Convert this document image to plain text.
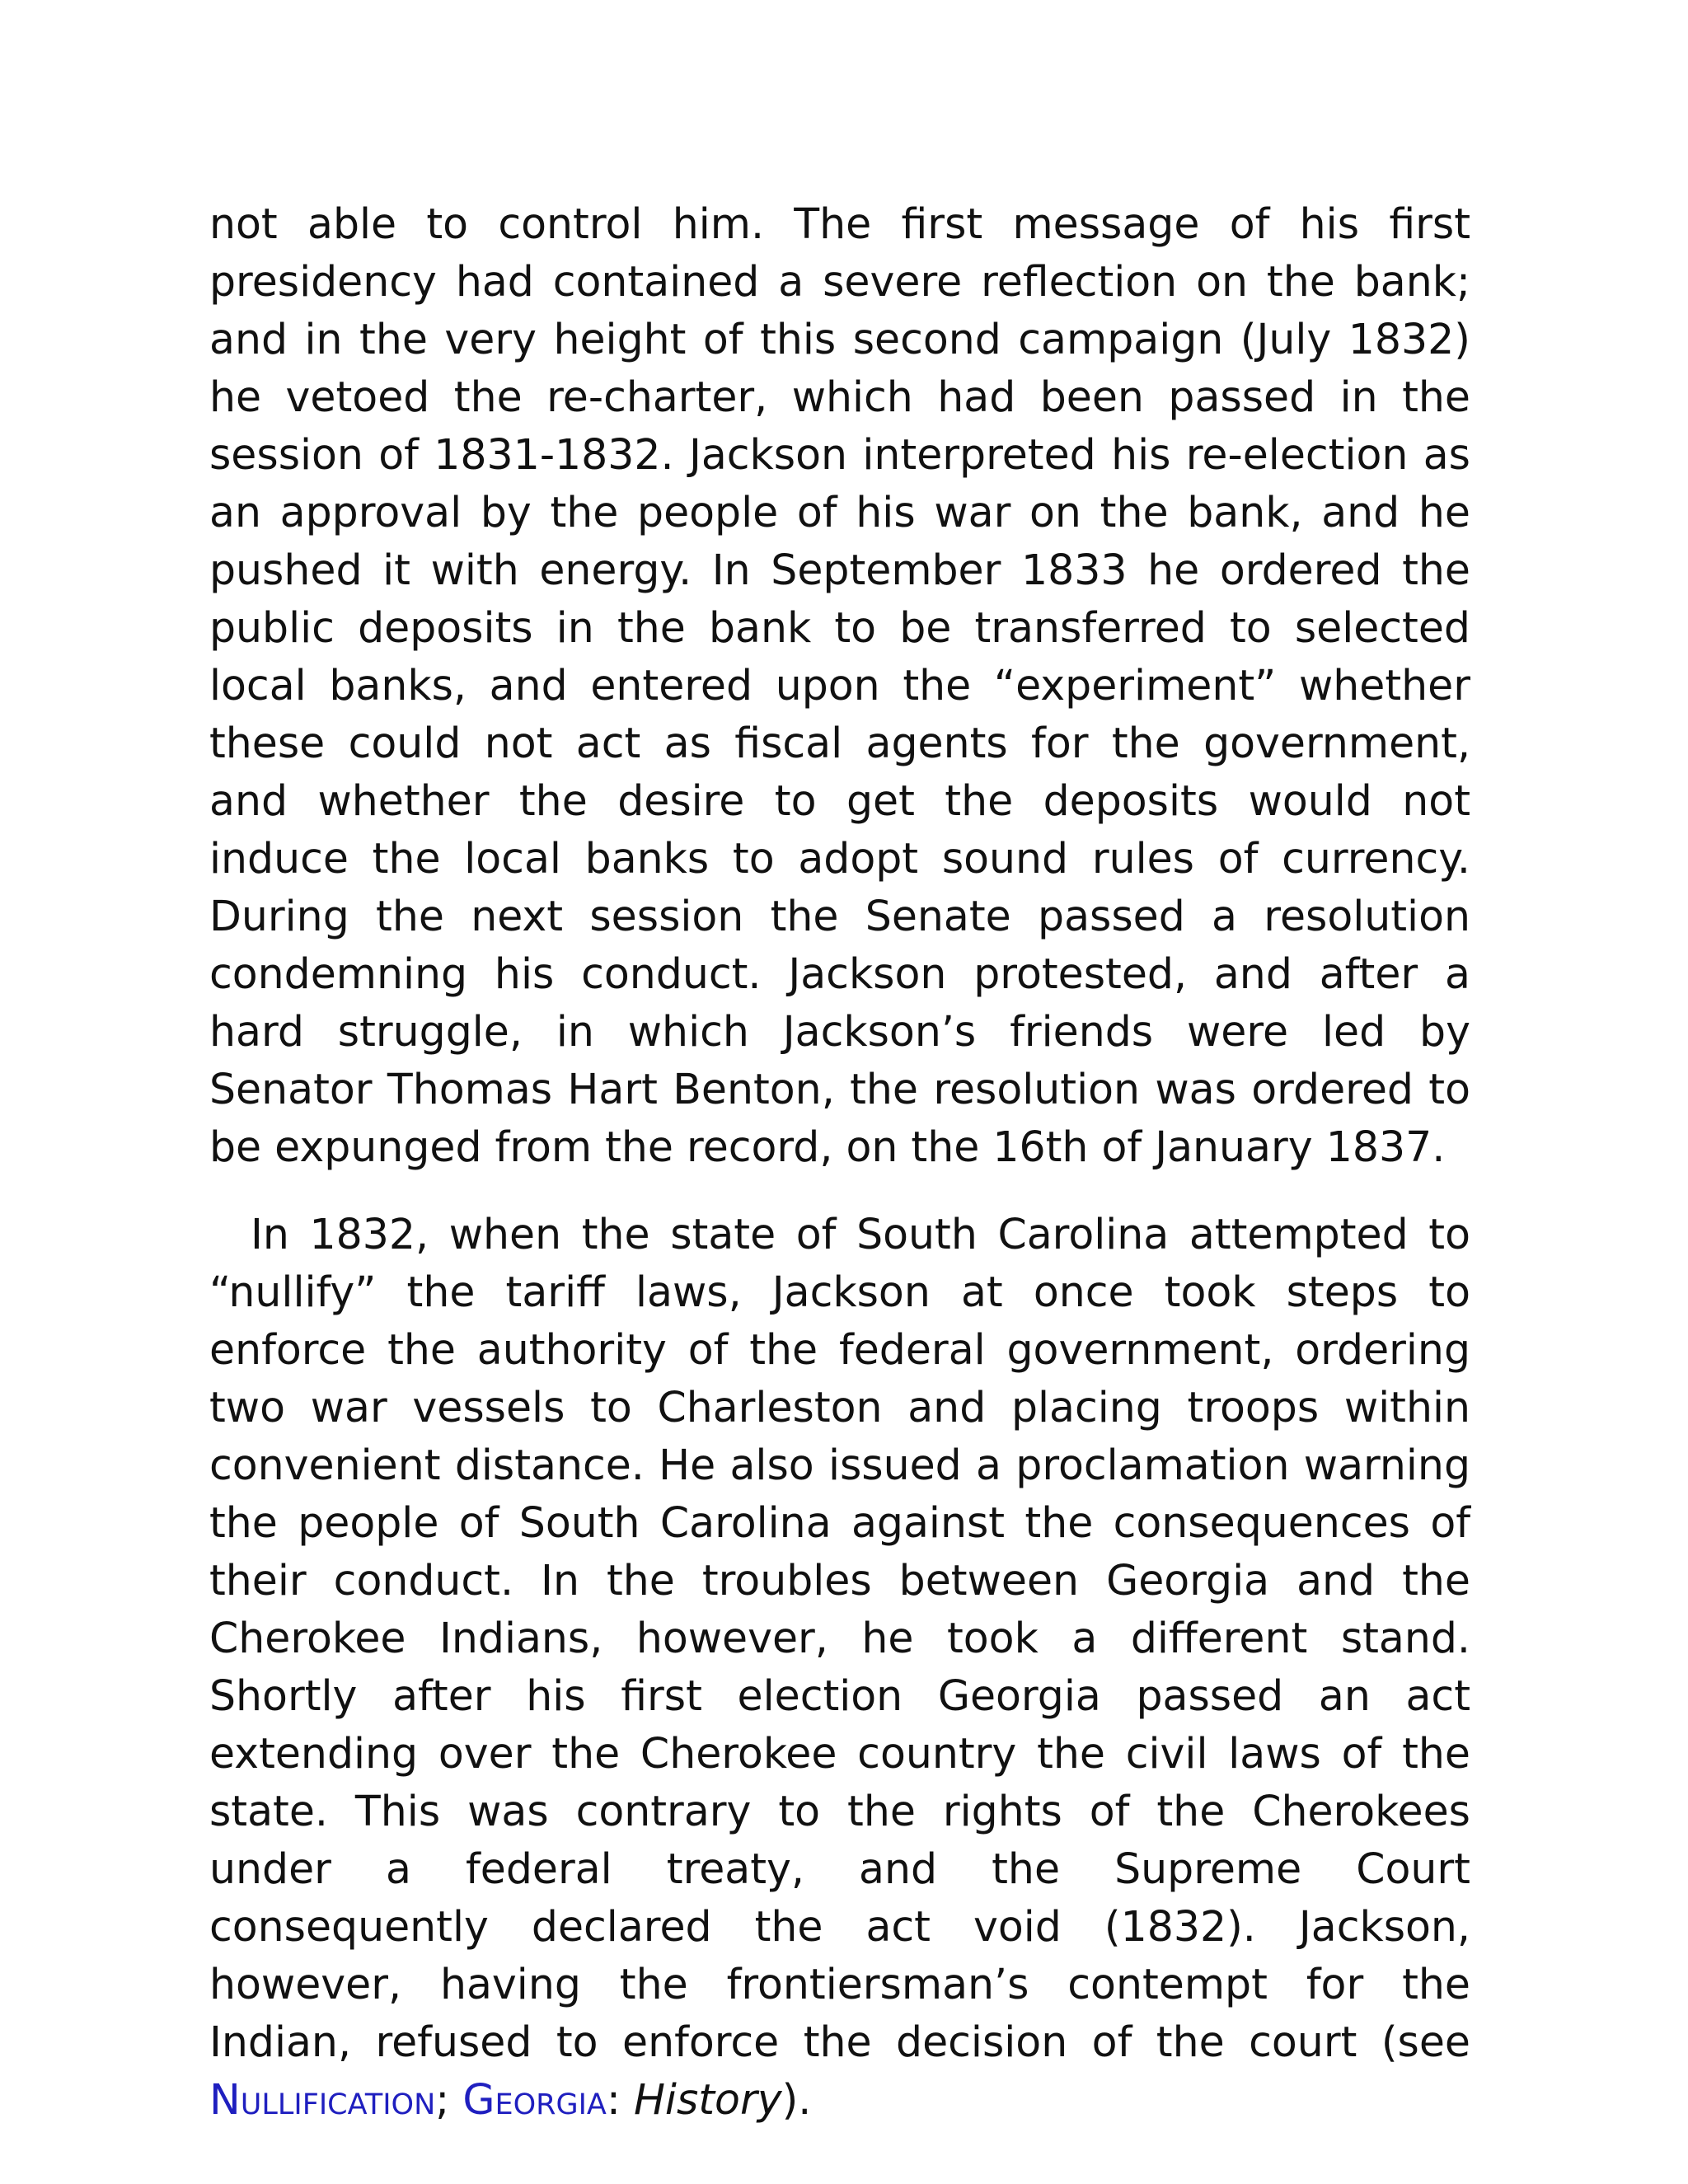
not able to control him. The first message of his first presidency had contained a severe reflection on the bank; and in the very height of this second campaign (July 1832) he vetoed the re-charter, which had been passed in the session of 1831-1832. Jackson interpreted his re-election as an approval by the people of his war on the bank, and he pushed it with energy. In September 1833 he ordered the public deposits in the bank to be transferred to selected local banks, and entered upon the “experiment” whether these could not act as fiscal agents for the government, and whether the desire to get the deposits would not induce the local banks to adopt sound rules of currency. During the next session the Senate passed a resolution condemning his conduct. Jackson protested, and after a hard struggle, in which Jackson’s friends were led by Senator Thomas Hart Benton, the resolution was ordered to be expunged from the record, on the 16th of January 1837.

In 1832, when the state of South Carolina attempted to “nullify” the tariff laws, Jackson at once took steps to enforce the authority of the federal government, ordering two war vessels to Charleston and placing troops within convenient distance. He also issued a proclamation warning the people of South Carolina against the consequences of their conduct. In the troubles between Georgia and the Cherokee Indians, however, he took a different stand. Shortly after his first election Georgia passed an act extending over the Cherokee country the civil laws of the state. This was contrary to the rights of the Cherokees under a federal treaty, and the Supreme Court consequently declared the act void (1832). Jackson, however, having the frontiersman’s contempt for the Indian, refused to enforce the decision of the court (see Nullification; Georgia: History).
